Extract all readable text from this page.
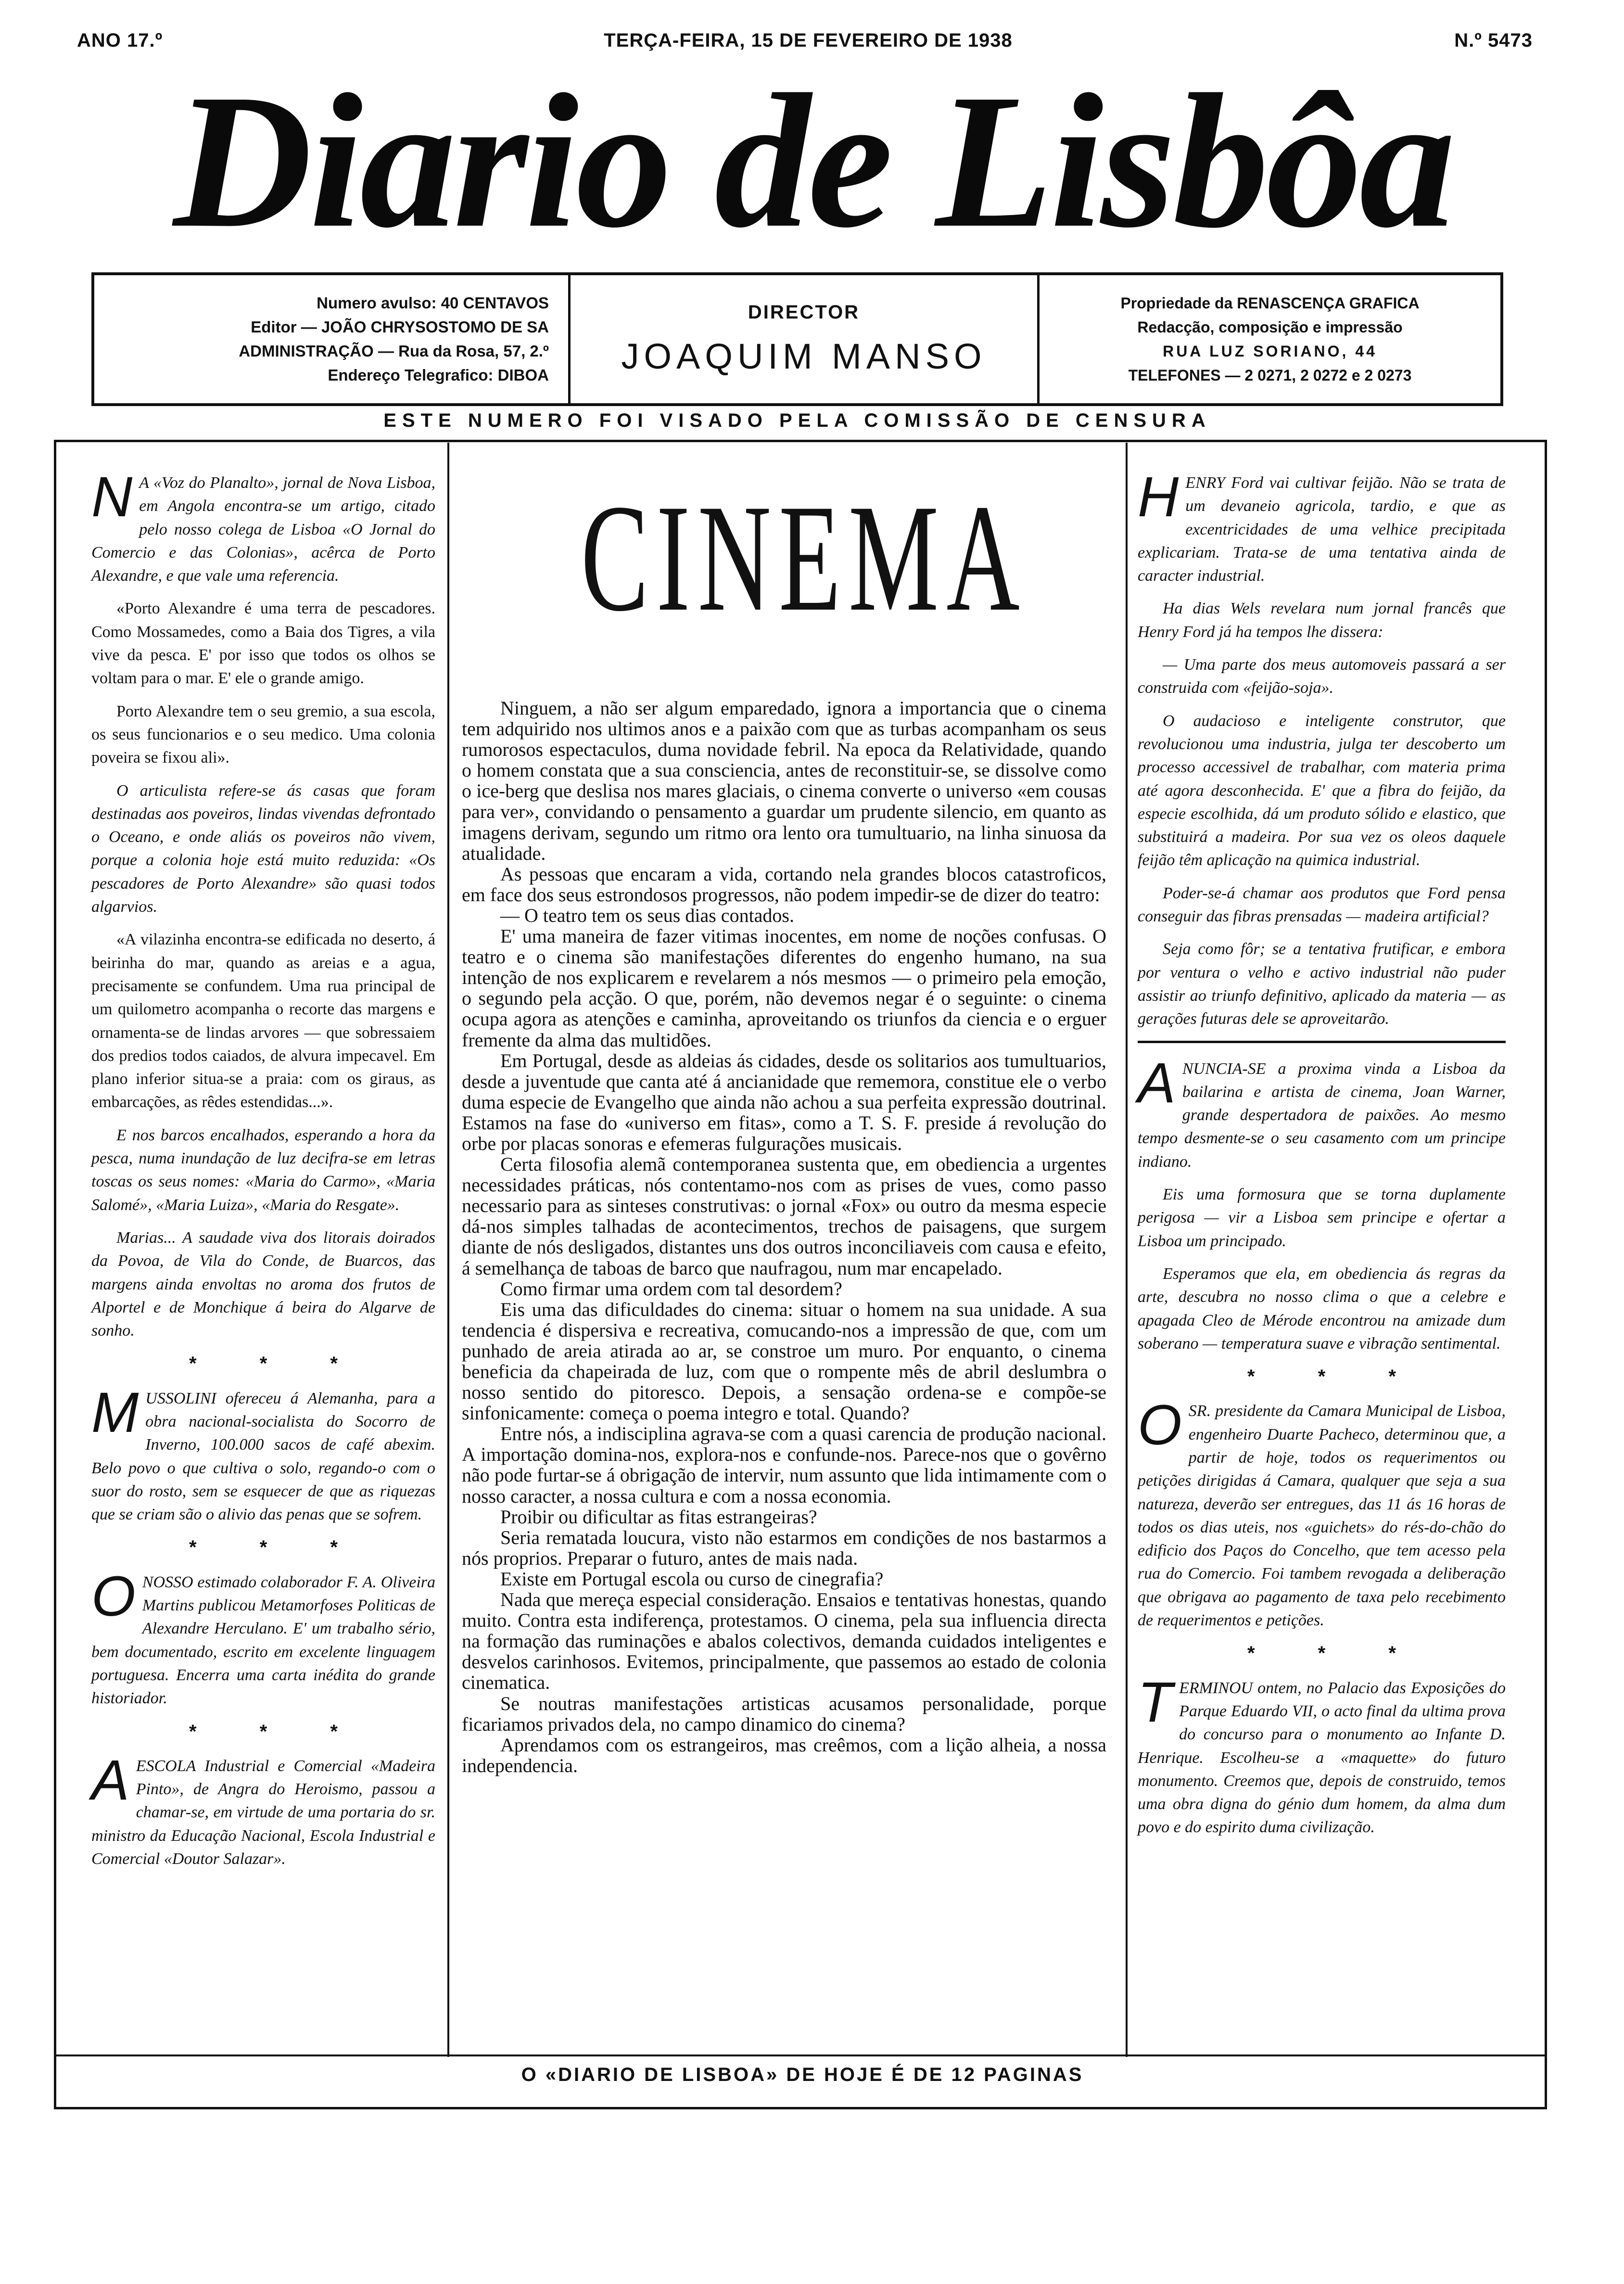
ANO 17.º	TERÇA-FEIRA, 15 DE FEVEREIRO DE 1938	N.º 5473
Diario de Lisbôa
Numero avulso: 40 CENTAVOS
Editor — JOÃO CHRYSOSTOMO DE SA
ADMINISTRAÇÃO — Rua da Rosa, 57, 2.º
Endereço Telegrafico: DIBOA
DIRECTOR
JOAQUIM MANSO
Propriedade da RENASCENÇA GRAFICA
Redacção, composição e impressão
RUA LUZ SORIANO, 44
TELEFONES — 2 0271, 2 0272 e 2 0273
ESTE NUMERO FOI VISADO PELA COMISSÃO DE CENSURA

N A «Voz do Planalto», jornal de Nova Lisboa, em Angola encontra-se um artigo, citado pelo nosso colega de Lisboa «O Jornal do Comercio e das Colonias», acêrca de Porto Alexandre, e que vale uma referencia.

«Porto Alexandre é uma terra de pescadores. Como Mossamedes, como a Baia dos Tigres, a vila vive da pesca. E' por isso que todos os olhos se voltam para o mar. E' ele o grande amigo.

Porto Alexandre tem o seu gremio, a sua escola, os seus funcionarios e o seu medico. Uma colonia poveira se fixou ali».

O articulista refere-se ás casas que foram destinadas aos poveiros, lindas vivendas defrontado o Oceano, e onde aliás os poveiros não vivem, porque a colonia hoje está muito reduzida: «Os pescadores de Porto Alexandre» são quasi todos algarvios.

«A vilazinha encontra-se edificada no deserto, á beirinha do mar, quando as areias e a agua, precisamente se confundem. Uma rua principal de um quilometro acompanha o recorte das margens e ornamenta-se de lindas arvores — que sobressaiem dos predios todos caiados, de alvura impecavel. Em plano inferior situa-se a praia: com os giraus, as embarcações, as rêdes estendidas...».

E nos barcos encalhados, esperando a hora da pesca, numa inundação de luz decifra-se em letras toscas os seus nomes: «Maria do Carmo», «Maria Salomé», «Maria Luiza», «Maria do Resgate».

Marias... A saudade viva dos litorais doirados da Povoa, de Vila do Conde, de Buarcos, das margens ainda envoltas no aroma dos frutos de Alportel e de Monchique á beira do Algarve de sonho.

* * *

MUSSOLINI ofereceu á Alemanha, para a obra nacional-socialista do Socorro de Inverno, 100.000 sacos de café abexim. Belo povo o que cultiva o solo, regando-o com o suor do rosto, sem se esquecer de que as riquezas que se criam são o alivio das penas que se sofrem.

* * *

ONOSSO estimado colaborador F. A. Oliveira Martins publicou Metamorfoses Politicas de Alexandre Herculano. E' um trabalho sério, bem documentado, escrito em excelente linguagem portuguesa. Encerra uma carta inédita do grande historiador.

* * *

AESCOLA Industrial e Comercial «Madeira Pinto», de Angra do Heroismo, passou a chamar-se, em virtude de uma portaria do sr. ministro da Educação Nacional, Escola Industrial e Comercial «Doutor Salazar».

CINEMA

Ninguem, a não ser algum emparedado, ignora a importancia que o cinema tem adquirido nos ultimos anos e a paixão com que as turbas acompanham os seus rumorosos espectaculos, duma novidade febril. Na epoca da Relatividade, quando o homem constata que a sua consciencia, antes de reconstituir-se, se dissolve como o ice-berg que deslisa nos mares glaciais, o cinema converte o universo «em cousas para ver», convidando o pensamento a guardar um prudente silencio, em quanto as imagens derivam, segundo um ritmo ora lento ora tumultuario, na linha sinuosa da atualidade.

As pessoas que encaram a vida, cortando nela grandes blocos catastroficos, em face dos seus estrondosos progressos, não podem impedir-se de dizer do teatro:

— O teatro tem os seus dias contados.

E' uma maneira de fazer vitimas inocentes, em nome de noções confusas. O teatro e o cinema são manifestações diferentes do engenho humano, na sua intenção de nos explicarem e revelarem a nós mesmos — o primeiro pela emoção, o segundo pela acção. O que, porém, não devemos negar é o seguinte: o cinema ocupa agora as atenções e caminha, aproveitando os triunfos da ciencia e o erguer fremente da alma das multidões.

Em Portugal, desde as aldeias ás cidades, desde os solitarios aos tumultuarios, desde a juventude que canta até á ancianidade que rememora, constitue ele o verbo duma especie de Evangelho que ainda não achou a sua perfeita expressão doutrinal. Estamos na fase do «universo em fitas», como a T. S. F. preside á revolução do orbe por placas sonoras e efemeras fulgurações musicais.

Certa filosofia alemã contemporanea sustenta que, em obediencia a urgentes necessidades práticas, nós contentamo-nos com as prises de vues, como passo necessario para as sinteses construtivas: o jornal «Fox» ou outro da mesma especie dá-nos simples talhadas de acontecimentos, trechos de paisagens, que surgem diante de nós desligados, distantes uns dos outros inconciliaveis com causa e efeito, á semelhança de taboas de barco que naufragou, num mar encapelado.

Como firmar uma ordem com tal desordem?

Eis uma das dificuldades do cinema: situar o homem na sua unidade. A sua tendencia é dispersiva e recreativa, comucando-nos a impressão de que, com um punhado de areia atirada ao ar, se constroe um muro. Por enquanto, o cinema beneficia da chapeirada de luz, com que o rompente mês de abril deslumbra o nosso sentido do pitoresco. Depois, a sensação ordena-se e compõe-se sinfonicamente: começa o poema integro e total. Quando?

Entre nós, a indisciplina agrava-se com a quasi carencia de produção nacional. A importação domina-nos, explora-nos e confunde-nos. Parece-nos que o govêrno não pode furtar-se á obrigação de intervir, num assunto que lida intimamente com o nosso caracter, a nossa cultura e com a nossa economia.

Proibir ou dificultar as fitas estrangeiras?

Seria rematada loucura, visto não estarmos em condições de nos bastarmos a nós proprios. Preparar o futuro, antes de mais nada.

Existe em Portugal escola ou curso de cinegrafia?

Nada que mereça especial consideração. Ensaios e tentativas honestas, quando muito. Contra esta indiferença, protestamos. O cinema, pela sua influencia directa na formação das ruminações e abalos colectivos, demanda cuidados inteligentes e desvelos carinhosos. Evitemos, principalmente, que passemos ao estado de colonia cinematica.

Se noutras manifestações artisticas acusamos personalidade, porque ficariamos privados dela, no campo dinamico do cinema?

Aprendamos com os estrangeiros, mas creêmos, com a lição alheia, a nossa independencia.

HENRY Ford vai cultivar feijão. Não se trata de um devaneio agricola, tardio, e que as excentricidades de uma velhice precipitada explicariam. Trata-se de uma tentativa ainda de caracter industrial.

Ha dias Wels revelara num jornal francês que Henry Ford já ha tempos lhe dissera:

— Uma parte dos meus automoveis passará a ser construida com «feijão-soja».

O audacioso e inteligente construtor, que revolucionou uma industria, julga ter descoberto um processo accessivel de trabalhar, com materia prima até agora desconhecida. E' que a fibra do feijão, da especie escolhida, dá um produto sólido e elastico, que substituirá a madeira. Por sua vez os oleos daquele feijão têm aplicação na quimica industrial.

Poder-se-á chamar aos produtos que Ford pensa conseguir das fibras prensadas — madeira artificial?

Seja como fôr; se a tentativa frutificar, e embora por ventura o velho e activo industrial não puder assistir ao triunfo definitivo, aplicado da materia — as gerações futuras dele se aproveitarão.

ANUNCIA-SE a proxima vinda a Lisboa da bailarina e artista de cinema, Joan Warner, grande despertadora de paixões. Ao mesmo tempo desmente-se o seu casamento com um principe indiano.

Eis uma formosura que se torna duplamente perigosa — vir a Lisboa sem principe e ofertar a Lisboa um principado.

Esperamos que ela, em obediencia ás regras da arte, descubra no nosso clima o que a celebre e apagada Cleo de Mérode encontrou na amizade dum soberano — temperatura suave e vibração sentimental.

* * *

OSR. presidente da Camara Municipal de Lisboa, engenheiro Duarte Pacheco, determinou que, a partir de hoje, todos os requerimentos ou petições dirigidas á Camara, qualquer que seja a sua natureza, deverão ser entregues, das 11 ás 16 horas de todos os dias uteis, nos «guichets» do rés-do-chão do edificio dos Paços do Concelho, que tem acesso pela rua do Comercio. Foi tambem revogada a deliberação que obrigava ao pagamento de taxa pelo recebimento de requerimentos e petições.

* * *

TERMINOU ontem, no Palacio das Exposições do Parque Eduardo VII, o acto final da ultima prova do concurso para o monumento ao Infante D. Henrique. Escolheu-se a «maquette» do futuro monumento. Creemos que, depois de construido, temos uma obra digna do génio dum homem, da alma dum povo e do espirito duma civilização.

O «DIARIO DE LISBOA» DE HOJE É DE 12 PAGINAS
